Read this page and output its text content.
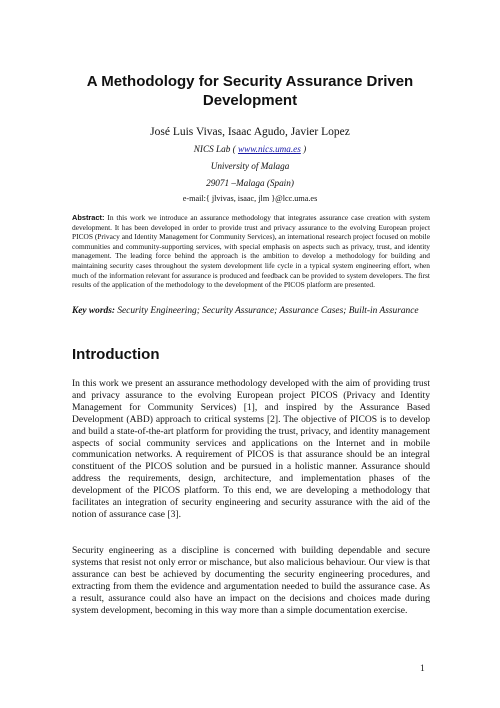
A Methodology for Security Assurance Driven Development
José Luis Vivas, Isaac Agudo, Javier Lopez
NICS Lab ( www.nics.uma.es )
University of Malaga
29071 –Malaga (Spain)
e-mail:{ jlvivas, isaac, jlm }@lcc.uma.es

Abstract: In this work we introduce an assurance methodology that integrates assurance case creation with system development. It has been developed in order to provide trust and privacy assurance to the evolving European project PICOS (Privacy and Identity Management for Community Services), an international research project focused on mobile communities and community-supporting services, with special emphasis on aspects such as privacy, trust, and identity management. The leading force behind the approach is the ambition to develop a methodology for building and maintaining security cases throughout the system development life cycle in a typical system engineering effort, when much of the information relevant for assurance is produced and feedback can be provided to system developers. The first results of the application of the methodology to the development of the PICOS platform are presented.

Key words: Security Engineering; Security Assurance; Assurance Cases; Built-in Assurance

Introduction

In this work we present an assurance methodology developed with the aim of providing trust and privacy assurance to the evolving European project PICOS (Privacy and Identity Management for Community Services) [1], and inspired by the Assurance Based Development (ABD) approach to critical systems [2]. The objective of PICOS is to develop and build a state-of-the-art platform for providing the trust, privacy, and identity management aspects of social community services and applications on the Internet and in mobile communication networks. A requirement of PICOS is that assurance should be an integral constituent of the PICOS solution and be pursued in a holistic manner. Assurance should address the requirements, design, architecture, and implementation phases of the development of the PICOS platform. To this end, we are developing a methodology that facilitates an integration of security engineering and security assurance with the aid of the notion of assurance case [3].

Security engineering as a discipline is concerned with building dependable and secure systems that resist not only error or mischance, but also malicious behaviour. Our view is that assurance can best be achieved by documenting the security engineering procedures, and extracting from them the evidence and argumentation needed to build the assurance case. As a result, assurance could also have an impact on the decisions and choices made during system development, becoming in this way more than a simple documentation exercise.

1
